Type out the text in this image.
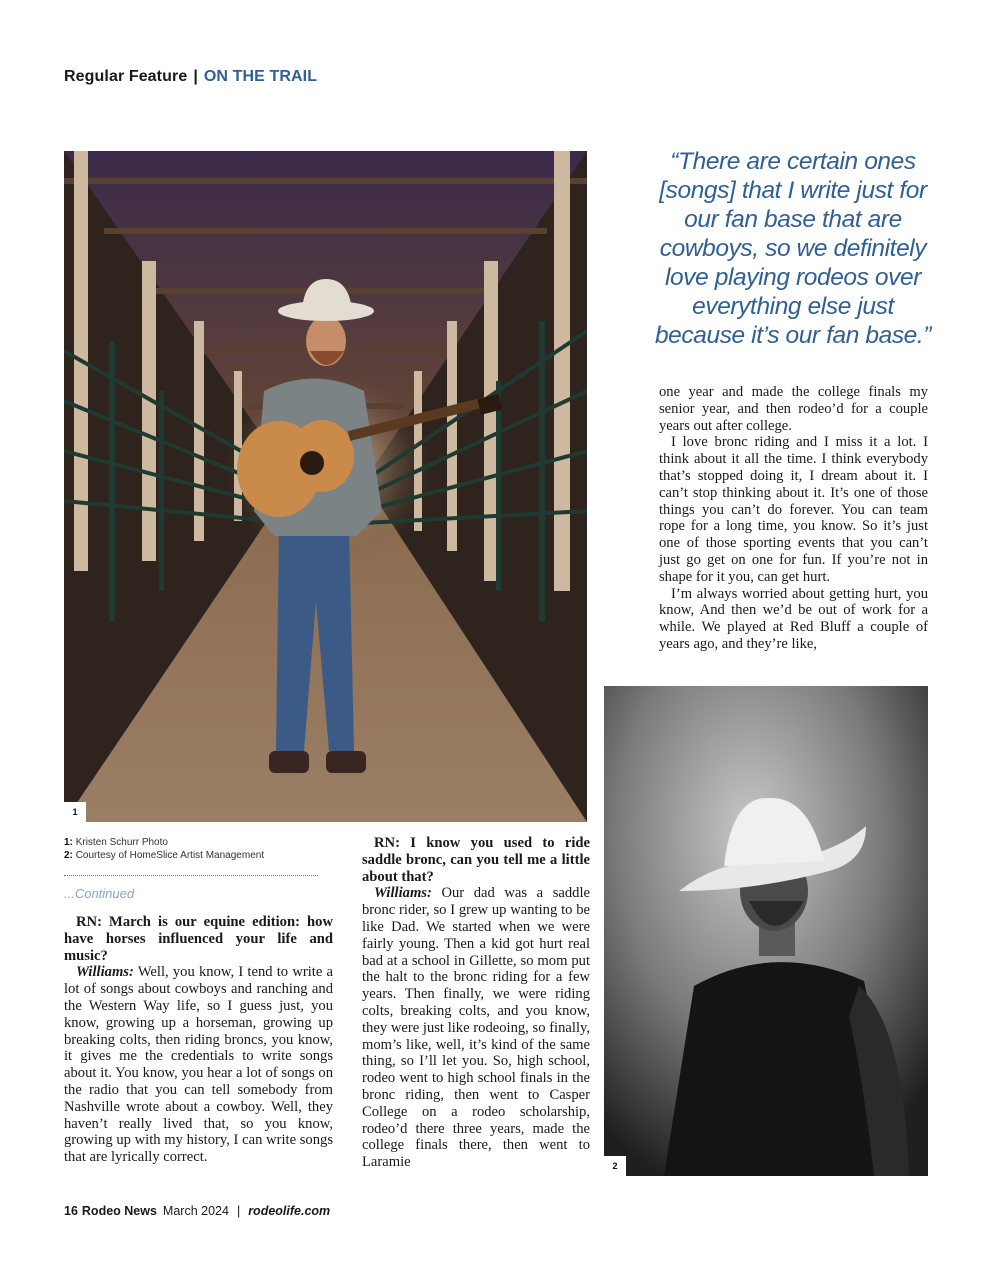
Regular Feature | ON THE TRAIL
1
“There are certain ones [songs] that I write just for our fan base that are cowboys, so we definitely love playing rodeos over everything else just because it’s our fan base.”
2
1: Kristen Schurr Photo
2: Courtesy of HomeSlice Artist Management
...Continued

RN: March is our equine edition: how have horses influenced your life and music?

Williams: Well, you know, I tend to write a lot of songs about cowboys and ranching and the Western Way life, so I guess just, you know, growing up a horseman, growing up breaking colts, then riding broncs, you know, it gives me the credentials to write songs about it. You know, you hear a lot of songs on the radio that you can tell somebody from Nashville wrote about a cowboy. Well, they haven’t really lived that, so you know, growing up with my history, I can write songs that are lyrically correct.

RN: I know you used to ride saddle bronc, can you tell me a little about that?

Williams: Our dad was a saddle bronc rider, so I grew up wanting to be like Dad. We started when we were fairly young. Then a kid got hurt real bad at a school in Gillette, so mom put the halt to the bronc riding for a few years. Then finally, we were riding colts, breaking colts, and you know, they were just like rodeoing, so finally, mom’s like, well, it’s kind of the same thing, so I’ll let you. So, high school, rodeo went to high school finals in the bronc riding, then went to Casper College on a rodeo scholarship, rodeo’d there three years, made the college finals there, then went to Laramie

one year and made the college finals my senior year, and then rodeo’d for a couple years out after college.

I love bronc riding and I miss it a lot. I think about it all the time. I think everybody that’s stopped doing it, I dream about it. I can’t stop thinking about it. It’s one of those things you can’t do forever. You can team rope for a long time, you know. So it’s just one of those sporting events that you can’t just go get on one for fun. If you’re not in shape for it you, can get hurt.

I’m always worried about getting hurt, you know, And then we’d be out of work for a while. We played at Red Bluff a couple of years ago, and they’re like,

16 Rodeo News March 2024 | rodeolife.com
